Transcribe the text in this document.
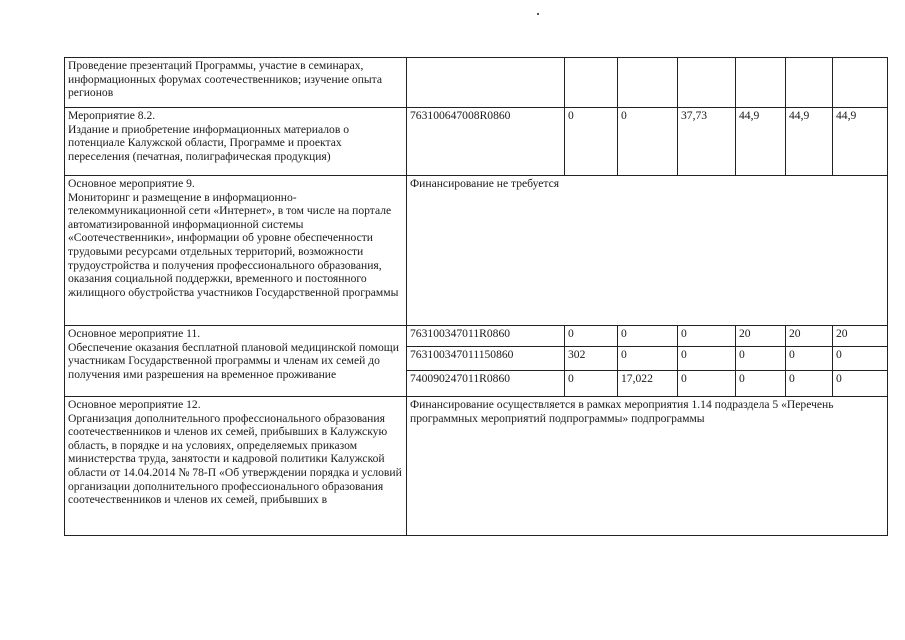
Проведение презентаций Программы, участие в семинарах, информационных форумах соотечественников; изучение опыта регионов							

Мероприятие 8.2.
Издание и приобретение информационных материалов о потенциале Калужской области, Программе и проектах переселения (печатная, полиграфическая продукция)	763100647008R0860	0	0	37,73	44,9	44,9	44,9

Основное мероприятие 9.
Мониторинг и размещение в информационно-телекоммуникационной сети «Интернет», в том числе на портале автоматизированной информационной системы «Соотечественники», информации об уровне обеспеченности трудовыми ресурсами отдельных территорий, возможности трудоустройства и получения профессионального образования, оказания социальной поддержки, временного и постоянного жилищного обустройства участников Государственной программы	Финансирование не требуется						

Основное мероприятие 11.
Обеспечение оказания бесплатной плановой медицинской помощи участникам Государственной программы и членам их семей до получения ими разрешения на временное проживание	763100347011R0860	0	0	0	20	20	20
	763100347011150860	302	0	0	0	0	0
	740090247011R0860	0	17,022	0	0	0	0

Основное мероприятие 12.
Организация дополнительного профессионального образования соотечественников и членов их семей, прибывших в Калужскую область, в порядке и на условиях, определяемых приказом министерства труда, занятости и кадровой политики Калужской области от 14.04.2014 № 78-П «Об утверждении порядка и условий организации дополнительного профессионального образования соотечественников и членов их семей, прибывших в	Финансирование осуществляется в рамках мероприятия 1.14 подраздела 5 «Перечень программных мероприятий подпрограммы» подпрограммы						
